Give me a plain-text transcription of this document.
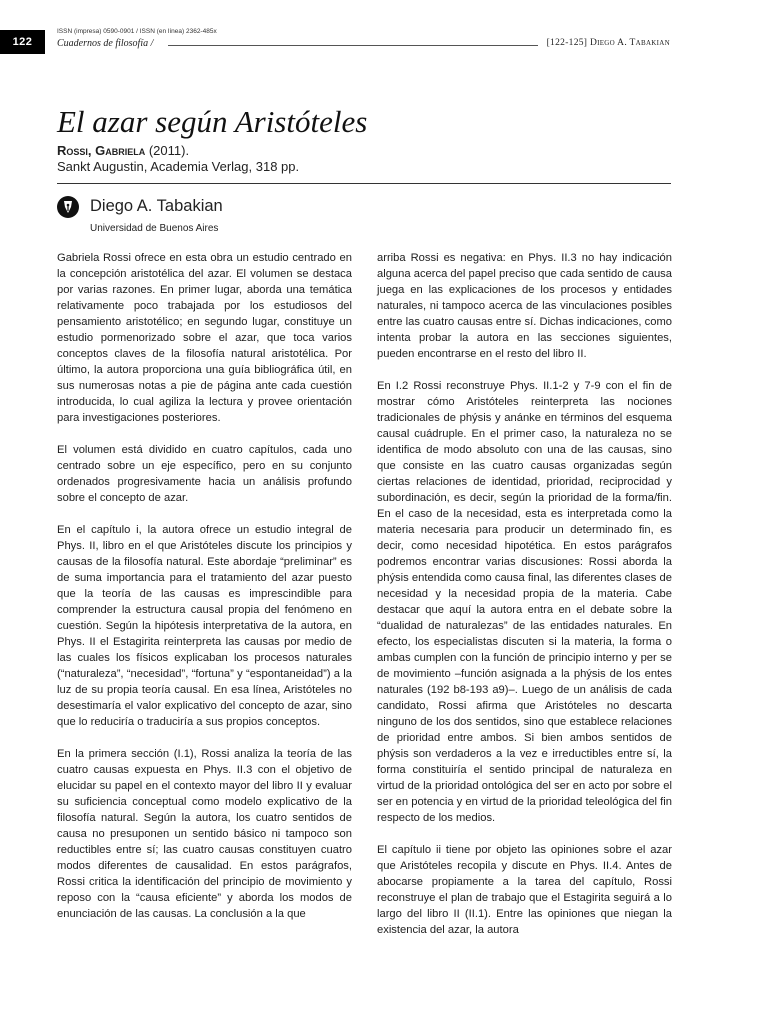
122
ISSN (impresa) 0590-0901 / ISSN (en línea) 2362-485x
Cuadernos de filosofía /	[122-125] Diego A. Tabakian
El azar según Aristóteles
Rossi, Gabriela (2011).
Sankt Augustin, Academia Verlag, 318 pp.
Diego A. Tabakian
Universidad de Buenos Aires

Gabriela Rossi ofrece en esta obra un estudio centrado en la concepción aristotélica del azar. El volumen se destaca por varias razones. En primer lugar, aborda una temática relativamente poco trabajada por los estudiosos del pensamiento aristotélico; en segundo lugar, constituye un estudio pormenorizado sobre el azar, que toca varios conceptos claves de la filosofía natural aristotélica. Por último, la autora proporciona una guía bibliográfica útil, en sus numerosas notas a pie de página ante cada cuestión introducida, lo cual agiliza la lectura y provee orientación para investigaciones posteriores.

El volumen está dividido en cuatro capítulos, cada uno centrado sobre un eje específico, pero en su conjunto ordenados progresivamente hacia un análisis profundo sobre el concepto de azar.

En el capítulo i, la autora ofrece un estudio integral de Phys. II, libro en el que Aristóteles discute los principios y causas de la filosofía natural. Este abordaje “preliminar” es de suma importancia para el tratamiento del azar puesto que la teoría de las causas es imprescindible para comprender la estructura causal propia del fenómeno en cuestión. Según la hipótesis interpretativa de la autora, en Phys. II el Estagirita reinterpreta las causas por medio de las cuales los físicos explicaban los procesos naturales (“naturaleza”, “necesidad”, “fortuna” y “espontaneidad”) a la luz de su propia teoría causal. En esa línea, Aristóteles no desestimaría el valor explicativo del concepto de azar, sino que lo reduciría o traduciría a sus propios conceptos.

En la primera sección (I.1), Rossi analiza la teoría de las cuatro causas expuesta en Phys. II.3 con el objetivo de elucidar su papel en el contexto mayor del libro II y evaluar su suficiencia conceptual como modelo explicativo de la filosofía natural. Según la autora, los cuatro sentidos de causa no presuponen un sentido básico ni tampoco son reductibles entre sí; las cuatro causas constituyen cuatro modos diferentes de causalidad. En estos parágrafos, Rossi critica la identificación del principio de movimiento y reposo con la “causa eficiente” y aborda los modos de enunciación de las causas. La conclusión a la que

arriba Rossi es negativa: en Phys. II.3 no hay indicación alguna acerca del papel preciso que cada sentido de causa juega en las explicaciones de los procesos y entidades naturales, ni tampoco acerca de las vinculaciones posibles entre las cuatro causas entre sí. Dichas indicaciones, como intenta probar la autora en las secciones siguientes, pueden encontrarse en el resto del libro II.

En I.2 Rossi reconstruye Phys. II.1-2 y 7-9 con el fin de mostrar cómo Aristóteles reinterpreta las nociones tradicionales de phýsis y anánke en términos del esquema causal cuádruple. En el primer caso, la naturaleza no se identifica de modo absoluto con una de las causas, sino que consiste en las cuatro causas organizadas según ciertas relaciones de identidad, prioridad, reciprocidad y subordinación, es decir, según la prioridad de la forma/fin. En el caso de la necesidad, esta es interpretada como la materia necesaria para producir un determinado fin, es decir, como necesidad hipotética. En estos parágrafos podremos encontrar varias discusiones: Rossi aborda la phýsis entendida como causa final, las diferentes clases de necesidad y la necesidad propia de la materia. Cabe destacar que aquí la autora entra en el debate sobre la “dualidad de naturalezas” de las entidades naturales. En efecto, los especialistas discuten si la materia, la forma o ambas cumplen con la función de principio interno y per se de movimiento –función asignada a la phýsis de los entes naturales (192 b8-193 a9)–. Luego de un análisis de cada candidato, Rossi afirma que Aristóteles no descarta ninguno de los dos sentidos, sino que establece relaciones de prioridad entre ambos. Si bien ambos sentidos de phýsis son verdaderos a la vez e irreductibles entre sí, la forma constituiría el sentido principal de naturaleza en virtud de la prioridad ontológica del ser en acto por sobre el ser en potencia y en virtud de la prioridad teleológica del fin respecto de los medios.

El capítulo ii tiene por objeto las opiniones sobre el azar que Aristóteles recopila y discute en Phys. II.4. Antes de abocarse propiamente a la tarea del capítulo, Rossi reconstruye el plan de trabajo que el Estagirita seguirá a lo largo del libro II (II.1). Entre las opiniones que niegan la existencia del azar, la autora
